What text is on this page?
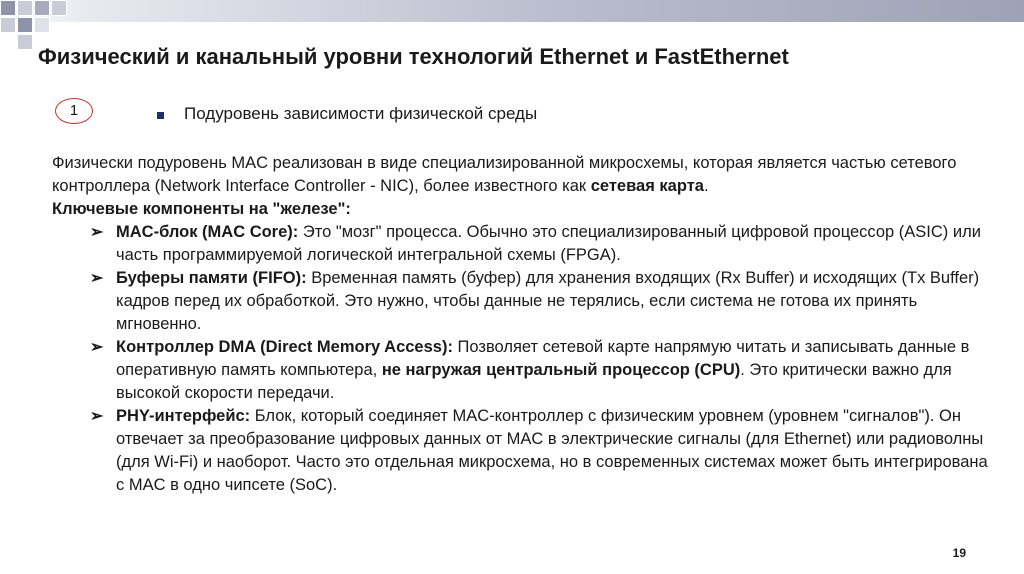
Физический и канальный уровни технологий Ethernet и FastEthernet
1	Подуровень зависимости физической среды

Физически подуровень MAC реализован в виде специализированной микросхемы, которая является частью сетевого контроллера (Network Interface Controller - NIC), более известного как сетевая карта.

Ключевые компоненты на "железе":

➢ MAC-блок (MAC Core): Это "мозг" процесса. Обычно это специализированный цифровой процессор (ASIC) или часть программируемой логической интегральной схемы (FPGA).
➢ Буферы памяти (FIFO): Временная память (буфер) для хранения входящих (Rx Buffer) и исходящих (Tx Buffer) кадров перед их обработкой. Это нужно, чтобы данные не терялись, если система не готова их принять мгновенно.
➢ Контроллер DMA (Direct Memory Access): Позволяет сетевой карте напрямую читать и записывать данные в оперативную память компьютера, не нагружая центральный процессор (CPU). Это критически важно для высокой скорости передачи.
➢ PHY-интерфейс: Блок, который соединяет MAC-контроллер с физическим уровнем (уровнем "сигналов"). Он отвечает за преобразование цифровых данных от MAC в электрические сигналы (для Ethernet) или радиоволны (для Wi-Fi) и наоборот. Часто это отдельная микросхема, но в современных системах может быть интегрирована с MAC в одно чипсете (SoC).
19
